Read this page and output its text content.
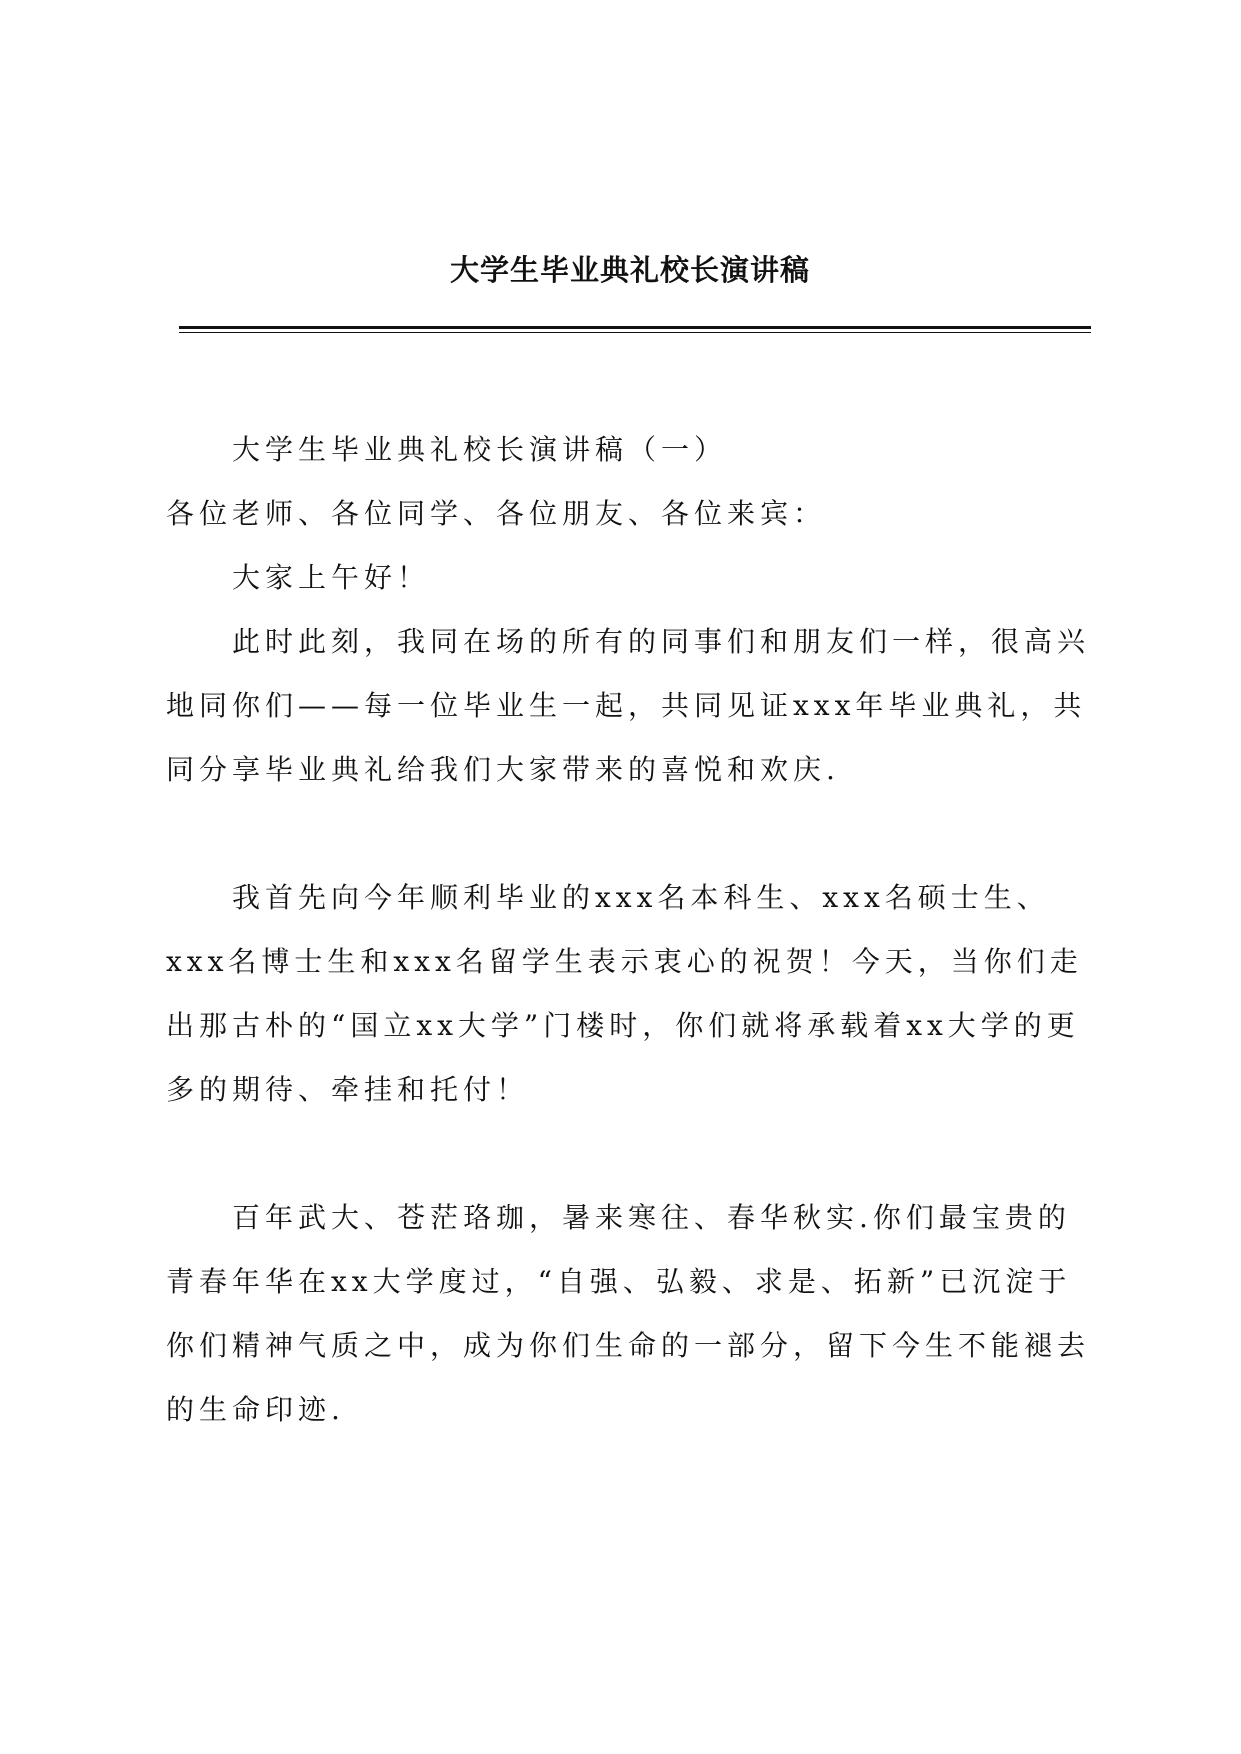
大学生毕业典礼校长演讲稿

大学生毕业典礼校长演讲稿（一）

各位老师、各位同学、各位朋友、各位来宾：

大家上午好！

此时此刻，我同在场的所有的同事们和朋友们一样，很高兴地同你们——每一位毕业生一起，共同见证xxx年毕业典礼，共同分享毕业典礼给我们大家带来的喜悦和欢庆.

我首先向今年顺利毕业的xxx名本科生、xxx名硕士生、xxx名博士生和xxx名留学生表示衷心的祝贺！今天，当你们走出那古朴的“国立xx大学”门楼时，你们就将承载着xx大学的更多的期待、牵挂和托付！

百年武大、苍茫珞珈，暑来寒往、春华秋实.你们最宝贵的青春年华在xx大学度过，“自强、弘毅、求是、拓新”已沉淀于你们精神气质之中，成为你们生命的一部分，留下今生不能褪去的生命印迹.
